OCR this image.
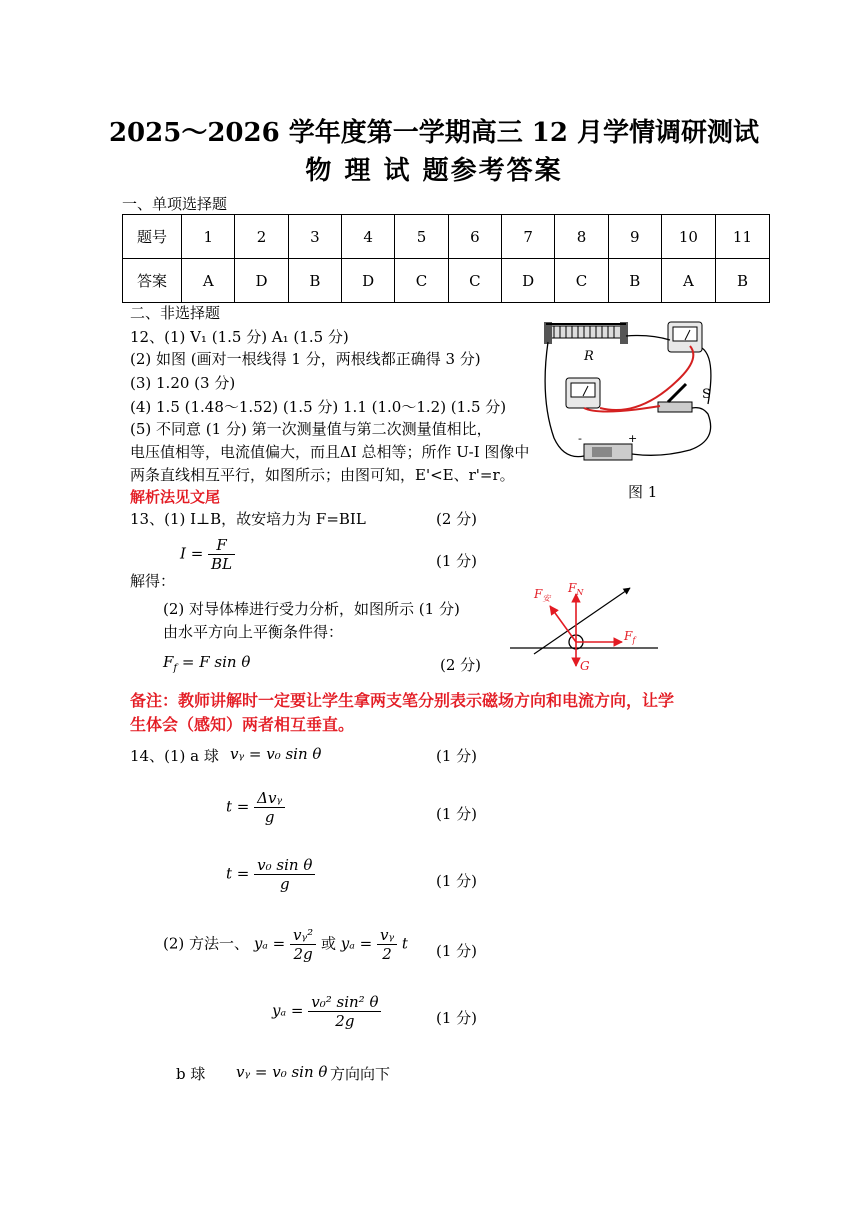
2025～2026 学年度第一学期高三 12 月学情调研测试
物 理 试 题参考答案
一、单项选择题
题号	1	2	3	4	5	6	7	8	9	10	11
答案	A	D	B	D	C	C	D	C	B	A	B
二、非选择题
12、(1) V₁ (1.5 分) A₁ (1.5 分)
(2) 如图 (画对一根线得 1 分，两根线都正确得 3 分)
(3) 1.20 (3 分)
(4) 1.5 (1.48～1.52) (1.5 分) 1.1 (1.0～1.2) (1.5 分)
(5) 不同意 (1 分) 第一次测量值与第二次测量值相比，
电压值相等，电流值偏大，而且ΔI 总相等；所作 U-I 图像中
两条直线相互平行，如图所示；由图可知，E'<E、r'=r。
解析法见文尾
R
-	+
S
图 1
13、(1) I⊥B，故安培力为 F=BIL	(2 分)
$I = \frac{F}{BL}$	(1 分)
解得：
(2) 对导体棒进行受力分析，如图所示 (1 分)
由水平方向上平衡条件得：
$F_f = F$ sin θ	(2 分)
$F_安$
$F_N$
$F_f$
G
备注：教师讲解时一定要让学生拿两支笔分别表示磁场方向和电流方向，让学
生体会（感知）两者相互垂直。
14、(1) a 球 vᵧ = v₀ sin θ	(1 分)
$t = \frac{\text{Δvᵧ}}{g}$	(1 分)
$t = \frac{\text{v₀ sin θ}}{g}$	(1 分)
(2) 方法一、 $y_a = \frac{\text{vᵧ²}}{2g}$ 或 $y_a = \frac{\text{vᵧ}}{2}$ t (1 分)
$y_a = \frac{\text{v₀² sin² θ}}{2g}$	(1 分)
b 球 vᵧ = v₀ sin θ 方向向下
